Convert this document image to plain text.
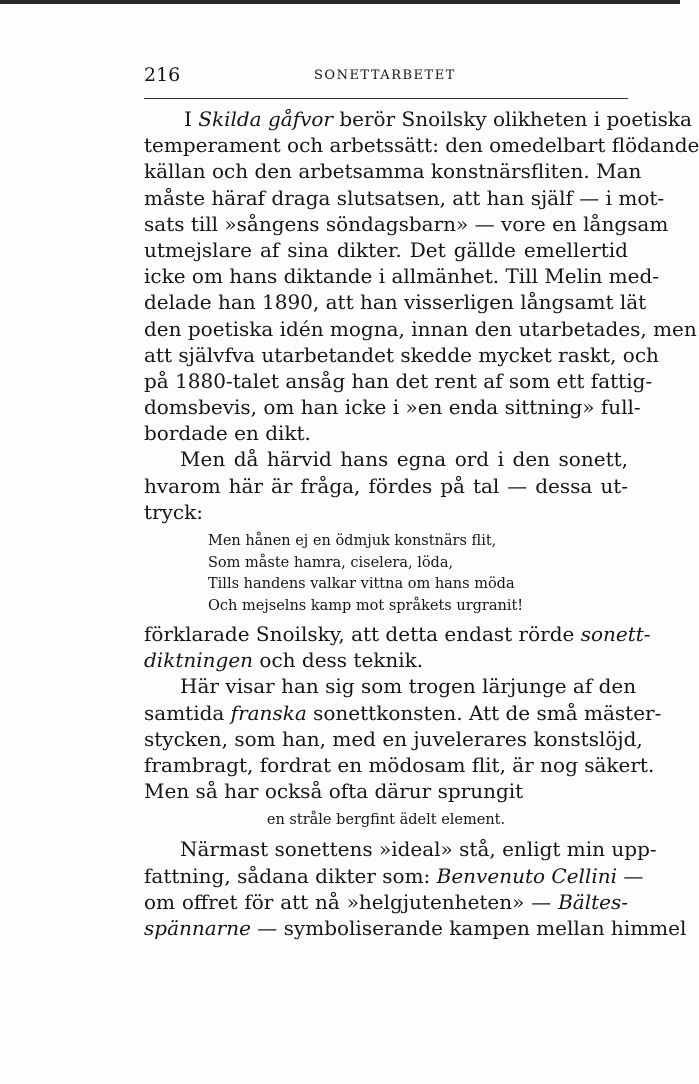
216	SONETTARBETET
I Skilda gåfvor berör Snoilsky olikheten i poetiska
temperament och arbetssätt: den omedelbart flödande
källan och den arbetsamma konstnärsfliten. Man
måste häraf draga slutsatsen, att han själf — i mot-
sats till »sångens söndagsbarn» — vore en långsam
utmejslare af sina dikter. Det gällde emellertid
icke om hans diktande i allmänhet. Till Melin med-
delade han 1890, att han visserligen långsamt lät
den poetiska idén mogna, innan den utarbetades, men
att självfva utarbetandet skedde mycket raskt, och
på 1880-talet ansåg han det rent af som ett fattig-
domsbevis, om han icke i »en enda sittning» full-
bordade en dikt.
Men då härvid hans egna ord i den sonett,
hvarom här är fråga, fördes på tal — dessa ut-
tryck:
Men hånen ej en ödmjuk konstnärs flit,
Som måste hamra, ciselera, löda,
Tills handens valkar vittna om hans möda
Och mejselns kamp mot språkets urgranit!
förklarade Snoilsky, att detta endast rörde sonett-
diktningen och dess teknik.
Här visar han sig som trogen lärjunge af den
samtida franska sonettkonsten. Att de små mäster-
stycken, som han, med en juvelerares konstslöjd,
frambragt, fordrat en mödosam flit, är nog säkert.
Men så har också ofta därur sprungit
en stråle bergfint ädelt element.
Närmast sonettens »ideal» stå, enligt min upp-
fattning, sådana dikter som: Benvenuto Cellini —
om offret för att nå »helgjutenheten» — Bältes-
spännarne — symboliserande kampen mellan himmel
